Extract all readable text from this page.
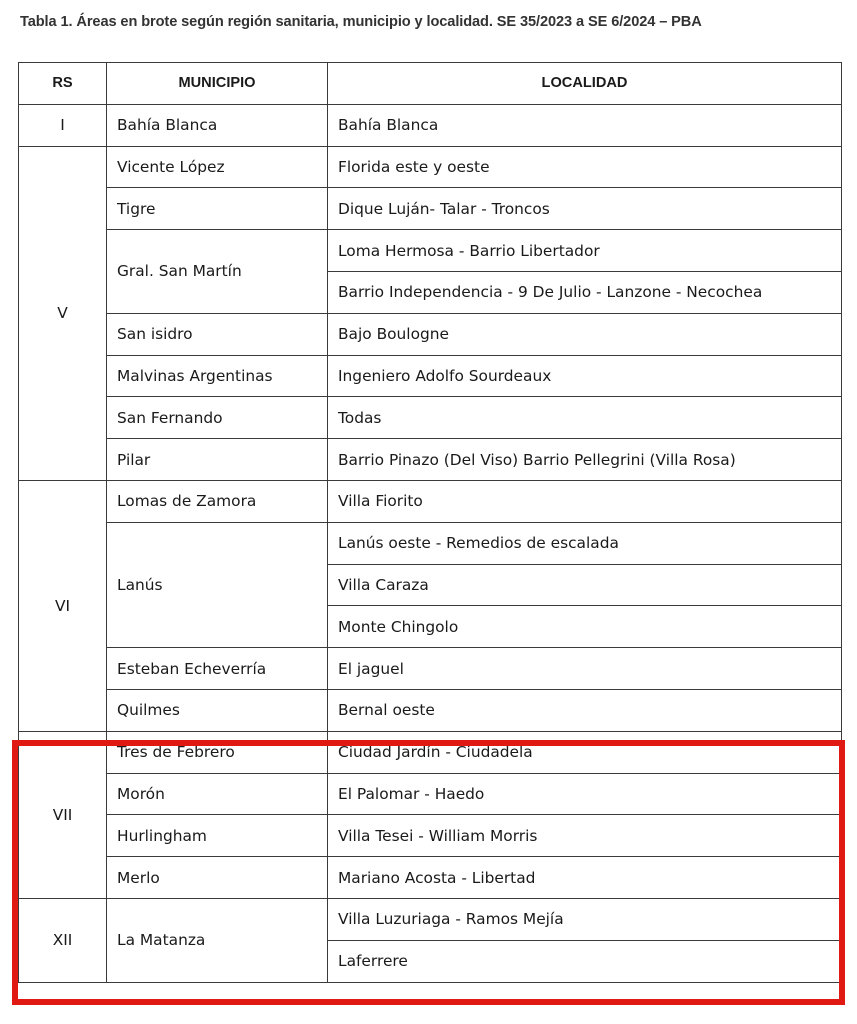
Tabla 1. Áreas en brote según región sanitaria, municipio y localidad. SE 35/2023 a SE 6/2024 – PBA
RS	MUNICIPIO	LOCALIDAD
I	Bahía Blanca	Bahía Blanca
V	Vicente López	Florida este y oeste
	Tigre	Dique Luján- Talar - Troncos
	Gral. San Martín	Loma Hermosa - Barrio Libertador
		Barrio Independencia - 9 De Julio - Lanzone - Necochea
	San isidro	Bajo Boulogne
	Malvinas Argentinas	Ingeniero Adolfo Sourdeaux
	San Fernando	Todas
	Pilar	Barrio Pinazo (Del Viso) Barrio Pellegrini (Villa Rosa)
VI	Lomas de Zamora	Villa Fiorito
	Lanús	Lanús oeste - Remedios de escalada
		Villa Caraza
		Monte Chingolo
	Esteban Echeverría	El jaguel
	Quilmes	Bernal oeste
VII	Tres de Febrero	Ciudad Jardín - Ciudadela
	Morón	El Palomar - Haedo
	Hurlingham	Villa Tesei - William Morris
	Merlo	Mariano Acosta - Libertad
XII	La Matanza	Villa Luzuriaga - Ramos Mejía
		Laferrere
